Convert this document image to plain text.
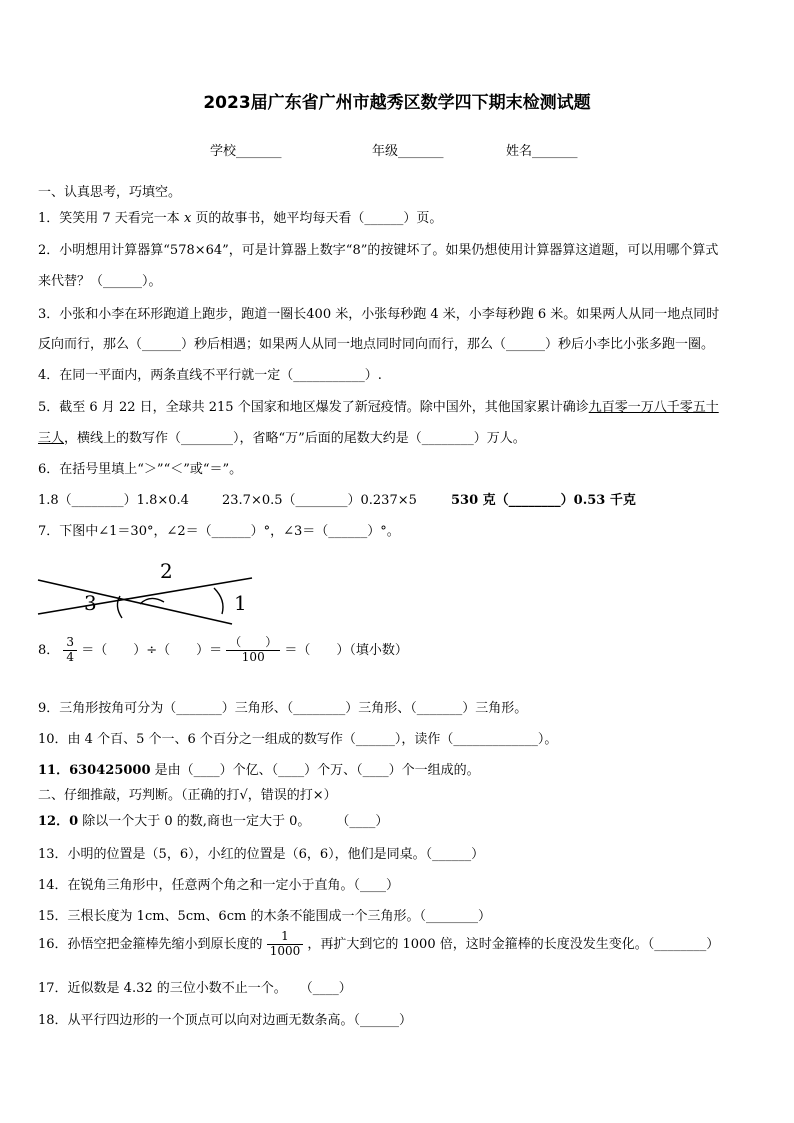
2023届广东省广州市越秀区数学四下期末检测试题
学校_______	年级_______	姓名_______
一、认真思考，巧填空。
1．笑笑用 7 天看完一本 𝑥 页的故事书，她平均每天看（______）页。
2．小明想用计算器算“578×64”，可是计算器上数字“8”的按键坏了。如果仍想使用计算器算这道题，可以用哪个算式
来代替？（______）。
3．小张和小李在环形跑道上跑步，跑道一圈长400 米，小张每秒跑 4 米，小李每秒跑 6 米。如果两人从同一地点同时
反向而行，那么（______）秒后相遇；如果两人从同一地点同时同向而行，那么（______）秒后小李比小张多跑一圈。
4．在同一平面内，两条直线不平行就一定（___________）.
5．截至 6 月 22 日，全球共 215 个国家和地区爆发了新冠疫情。除中国外，其他国家累计确诊九百零一万八千零五十
三人，横线上的数写作（________），省略“万”后面的尾数大约是（________）万人。
6．在括号里填上“＞”“＜”或“＝”。
1.8（________）1.8×0.4	23.7×0.5（________）0.237×5	530 克（________）0.53 千克
7．下图中∠1＝30°，∠2＝（______）°，∠3＝（______）°。
2
3	1
8． $\frac{3}{4}$ ＝（　　）÷（　　）＝ $\frac{( )}{100}$ ＝（　　）（填小数）
9．三角形按角可分为（_______）三角形、（________）三角形、（_______）三角形。
10．由 4 个百、5 个一、6 个百分之一组成的数写作（______），读作（_____________）。
11．630425000 是由（____）个亿、（____）个万、（____）个一组成的。
二、仔细推敲，巧判断。（正确的打√，错误的打×）
12．0 除以一个大于 0 的数,商也一定大于 0。　　　（____）
13．小明的位置是（5，6），小红的位置是（6，6），他们是同桌。（______）
14．在锐角三角形中，任意两个角之和一定小于直角。（____）
15．三根长度为 1cm、5cm、6cm 的木条不能围成一个三角形。（________）
16．孙悟空把金箍棒先缩小到原长度的 $\frac{1}{1000}$ ，再扩大到它的 1000 倍，这时金箍棒的长度没发生变化。（________）
17．近似数是 4.32 的三位小数不止一个。　　（____）
18．从平行四边形的一个顶点可以向对边画无数条高。（______）
